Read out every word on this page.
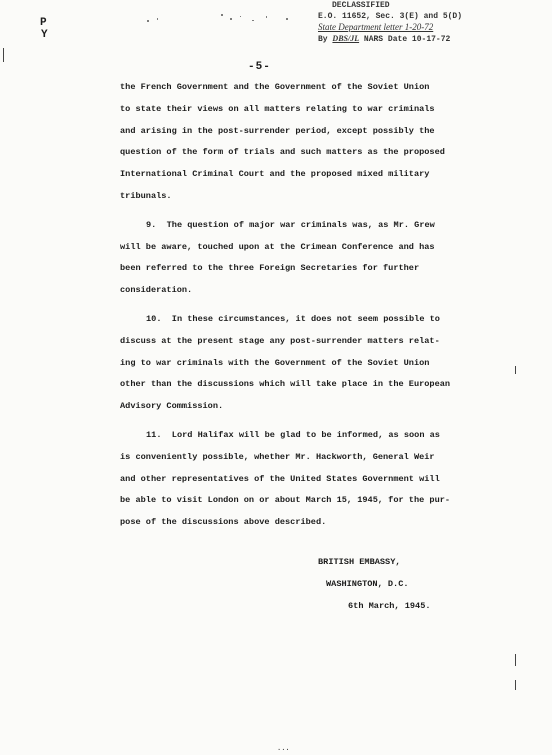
P
Y
DECLASSIFIED
E.O. 11652, Sec. 3(E) and 5(D)
State Department letter 1-20-72
By DBS/JL NARS Date 10-17-72
-5-

the French Government and the Government of the Soviet Union

to state their views on all matters relating to war criminals

and arising in the post-surrender period, except possibly the

question of the form of trials and such matters as the proposed

International Criminal Court and the proposed mixed military

tribunals.

9.  The question of major war criminals was, as Mr. Grew

will be aware, touched upon at the Crimean Conference and has

been referred to the three Foreign Secretaries for further

consideration.

10.  In these circumstances, it does not seem possible to

discuss at the present stage any post-surrender matters relat-

ing to war criminals with the Government of the Soviet Union

other than the discussions which will take place in the European

Advisory Commission.

11.  Lord Halifax will be glad to be informed, as soon as

is conveniently possible, whether Mr. Hackworth, General Weir

and other representatives of the United States Government will

be able to visit London on or about March 15, 1945, for the pur-

pose of the discussions above described.

BRITISH EMBASSY,
WASHINGTON, D.C.
6th March, 1945.
...
